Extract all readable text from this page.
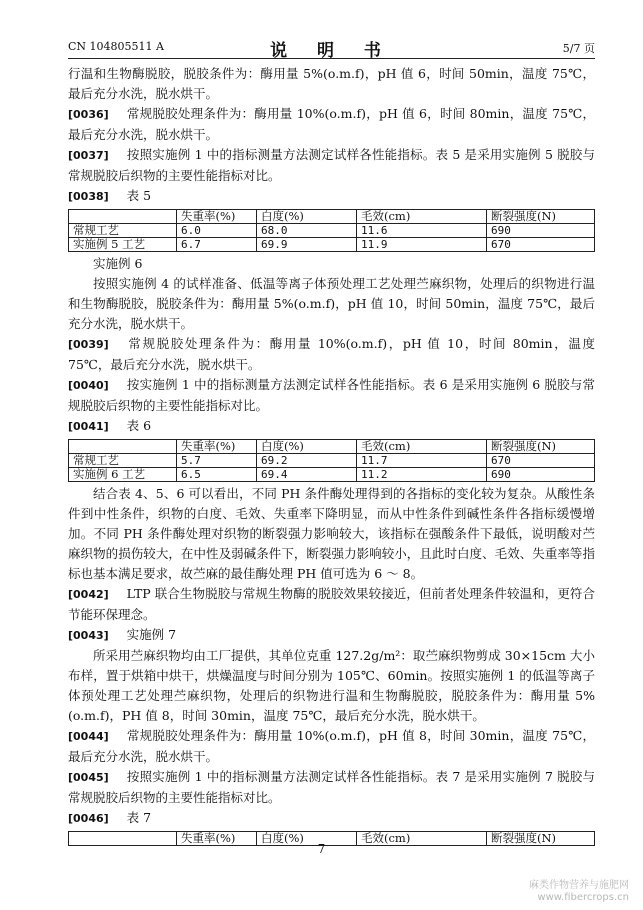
CN 104805511 A	说 明 书	5/7 页

行温和生物酶脱胶，脱胶条件为：酶用量 5%(o.m.f)，pH 值 6，时间 50min，温度 75℃，最后充分水洗，脱水烘干。

[0036] 常规脱胶处理条件为：酶用量 10%(o.m.f)，pH 值 6，时间 80min，温度 75℃，最后充分水洗，脱水烘干。

[0037] 按照实施例 1 中的指标测量方法测定试样各性能指标。表 5 是采用实施例 5 脱胶与常规脱胶后织物的主要性能指标对比。

[0038] 表 5

	失重率(%)	白度(%)	毛效(cm)	断裂强度(N)
常规工艺	6.0	68.0	11.6	690
实施例 5 工艺	6.7	69.9	11.9	670

实施例 6

按照实施例 4 的试样准备、低温等离子体预处理工艺处理苎麻织物，处理后的织物进行温和生物酶脱胶，脱胶条件为：酶用量 5%(o.m.f)，pH 值 10，时间 50min，温度 75℃，最后充分水洗，脱水烘干。

[0039] 常规脱胶处理条件为：酶用量 10%(o.m.f)，pH 值 10，时间 80min，温度 75℃，最后充分水洗，脱水烘干。

[0040] 按实施例 1 中的指标测量方法测定试样各性能指标。表 6 是采用实施例 6 脱胶与常规脱胶后织物的主要性能指标对比。

[0041] 表 6

	失重率(%)	白度(%)	毛效(cm)	断裂强度(N)
常规工艺	5.7	69.2	11.7	670
实施例 6 工艺	6.5	69.4	11.2	690

结合表 4、5、6 可以看出，不同 PH 条件酶处理得到的各指标的变化较为复杂。从酸性条件到中性条件，织物的白度、毛效、失重率下降明显，而从中性条件到碱性条件各指标缓慢增加。不同 PH 条件酶处理对织物的断裂强力影响较大，该指标在强酸条件下最低，说明酸对苎麻织物的损伤较大，在中性及弱碱条件下，断裂强力影响较小，且此时白度、毛效、失重率等指标也基本满足要求，故苎麻的最佳酶处理 PH 值可选为 6 ～ 8。

[0042] LTP 联合生物脱胶与常规生物酶的脱胶效果较接近，但前者处理条件较温和，更符合节能环保理念。

[0043] 实施例 7

所采用苎麻织物均由工厂提供，其单位克重 127.2g/m²：取苎麻织物剪成 30×15cm 大小布样，置于烘箱中烘干，烘燥温度与时间分别为 105℃、60min。按照实施例 1 的低温等离子体预处理工艺处理苎麻织物，处理后的织物进行温和生物酶脱胶，脱胶条件为：酶用量 5%(o.m.f)，PH 值 8，时间 30min，温度 75℃，最后充分水洗，脱水烘干。

[0044] 常规脱胶处理条件为：酶用量 10%(o.m.f)，pH 值 8，时间 30min，温度 75℃，最后充分水洗，脱水烘干。

[0045] 按照实施例 1 中的指标测量方法测定试样各性能指标。表 7 是采用实施例 7 脱胶与常规脱胶后织物的主要性能指标对比。

[0046] 表 7

	失重率(%)	白度(%)	毛效(cm)	断裂强度(N)
7
麻类作物营养与施肥网
www.fibercrops.cn
